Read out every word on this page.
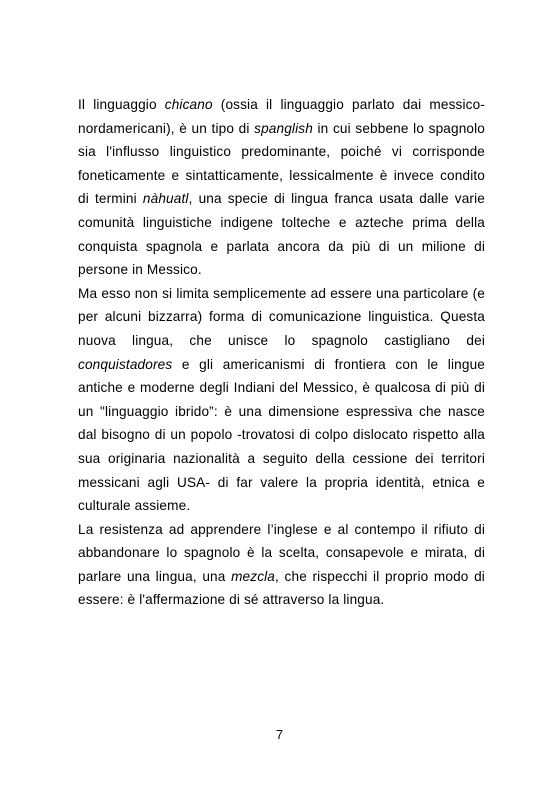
Il linguaggio chicano (ossia il linguaggio parlato dai messico-nordamericani), è un tipo di spanglish in cui sebbene lo spagnolo sia l'influsso linguistico predominante, poiché vi corrisponde foneticamente e sintatticamente, lessicalmente è invece condito di termini nàhuatl, una specie di lingua franca usata dalle varie comunità linguistiche indigene tolteche e azteche prima della conquista spagnola e parlata ancora da più di un milione di persone in Messico.

Ma esso non si limita semplicemente ad essere una particolare (e per alcuni bizzarra) forma di comunicazione linguistica. Questa nuova lingua, che unisce lo spagnolo castigliano dei conquistadores e gli americanismi di frontiera con le lingue antiche e moderne degli Indiani del Messico, è qualcosa di più di un "linguaggio ibrido”: è una dimensione espressiva che nasce dal bisogno di un popolo -trovatosi di colpo dislocato rispetto alla sua originaria nazionalità a seguito della cessione dei territori messicani agli USA- di far valere la propria identità, etnica e culturale assieme.

La resistenza ad apprendere l’inglese e al contempo il rifiuto di abbandonare lo spagnolo è la scelta, consapevole e mirata, di parlare una lingua, una mezcla, che rispecchi il proprio modo di essere: è l'affermazione di sé attraverso la lingua.

7
